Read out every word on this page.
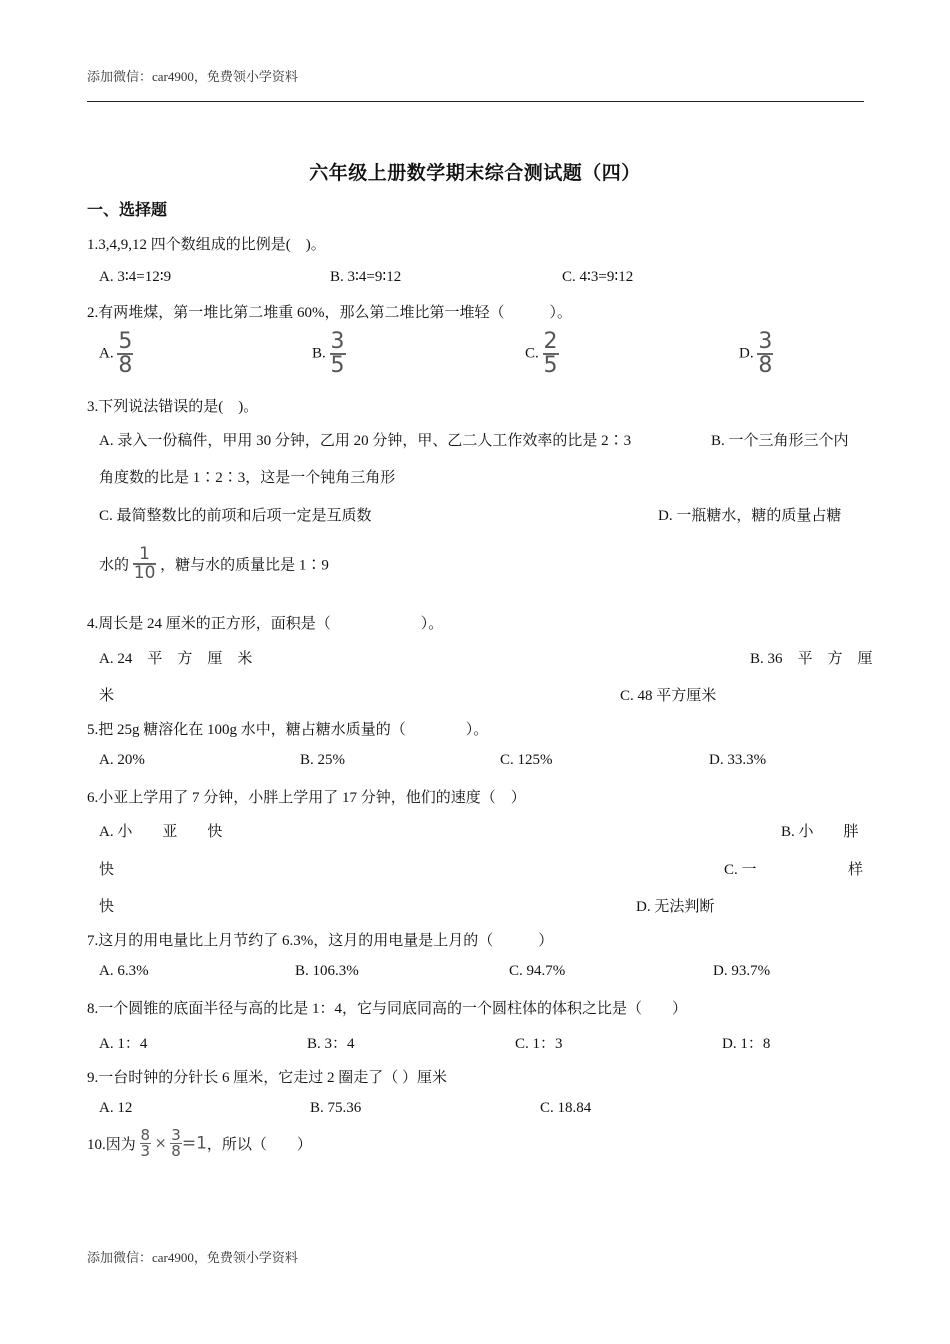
添加微信：car4900，免费领小学资料
六年级上册数学期末综合测试题（四）
一、选择题
1.3,4,9,12 四个数组成的比例是(　)。
A. 3∶4=12∶9	B. 3∶4=9∶12	C. 4∶3=9∶12
2.有两堆煤，第一堆比第二堆重 60%，那么第二堆比第一堆轻（　　　）。
A. $\frac{5}{8}$	B. $\frac{3}{5}$	C. $\frac{2}{5}$	D. $\frac{3}{8}$
3.下列说法错误的是(　)。
A. 录入一份稿件，甲用 30 分钟，乙用 20 分钟，甲、乙二人工作效率的比是 2∶3	B. 一个三角形三个内
角度数的比是 1∶2∶3，这是一个钝角三角形
C. 最简整数比的前项和后项一定是互质数	D. 一瓶糖水，糖的质量占糖
水的 $\frac{1}{10}$ ，糖与水的质量比是 1∶9
4.周长是 24 厘米的正方形，面积是（　　　　　　）。
A. 24　平　方　厘　米	B. 36　平　方　厘
米	C. 48 平方厘米
5.把 25g 糖溶化在 100g 水中，糖占糖水质量的（　　　　）。
A. 20%	B. 25%	C. 125%	D. 33.3%
6.小亚上学用了 7 分钟，小胖上学用了 17 分钟，他们的速度（　）
A. 小　　亚　　快	B. 小　　胖
快	C. 一	样
快	D. 无法判断
7.这月的用电量比上月节约了 6.3%，这月的用电量是上月的（　　　）
A. 6.3%	B. 106.3%	C. 94.7%	D. 93.7%
8.一个圆锥的底面半径与高的比是 1：4，它与同底同高的一个圆柱体的体积之比是（　　）
A. 1：4	B. 3：4	C. 1：3	D. 1：8
9.一台时钟的分针长 6 厘米，它走过 2 圈走了（ ）厘米
A. 12	B. 75.36	C. 18.84
10.因为 $\frac{8}{3} \times \frac{3}{8} =1$，所以（　　）
添加微信：car4900，免费领小学资料
